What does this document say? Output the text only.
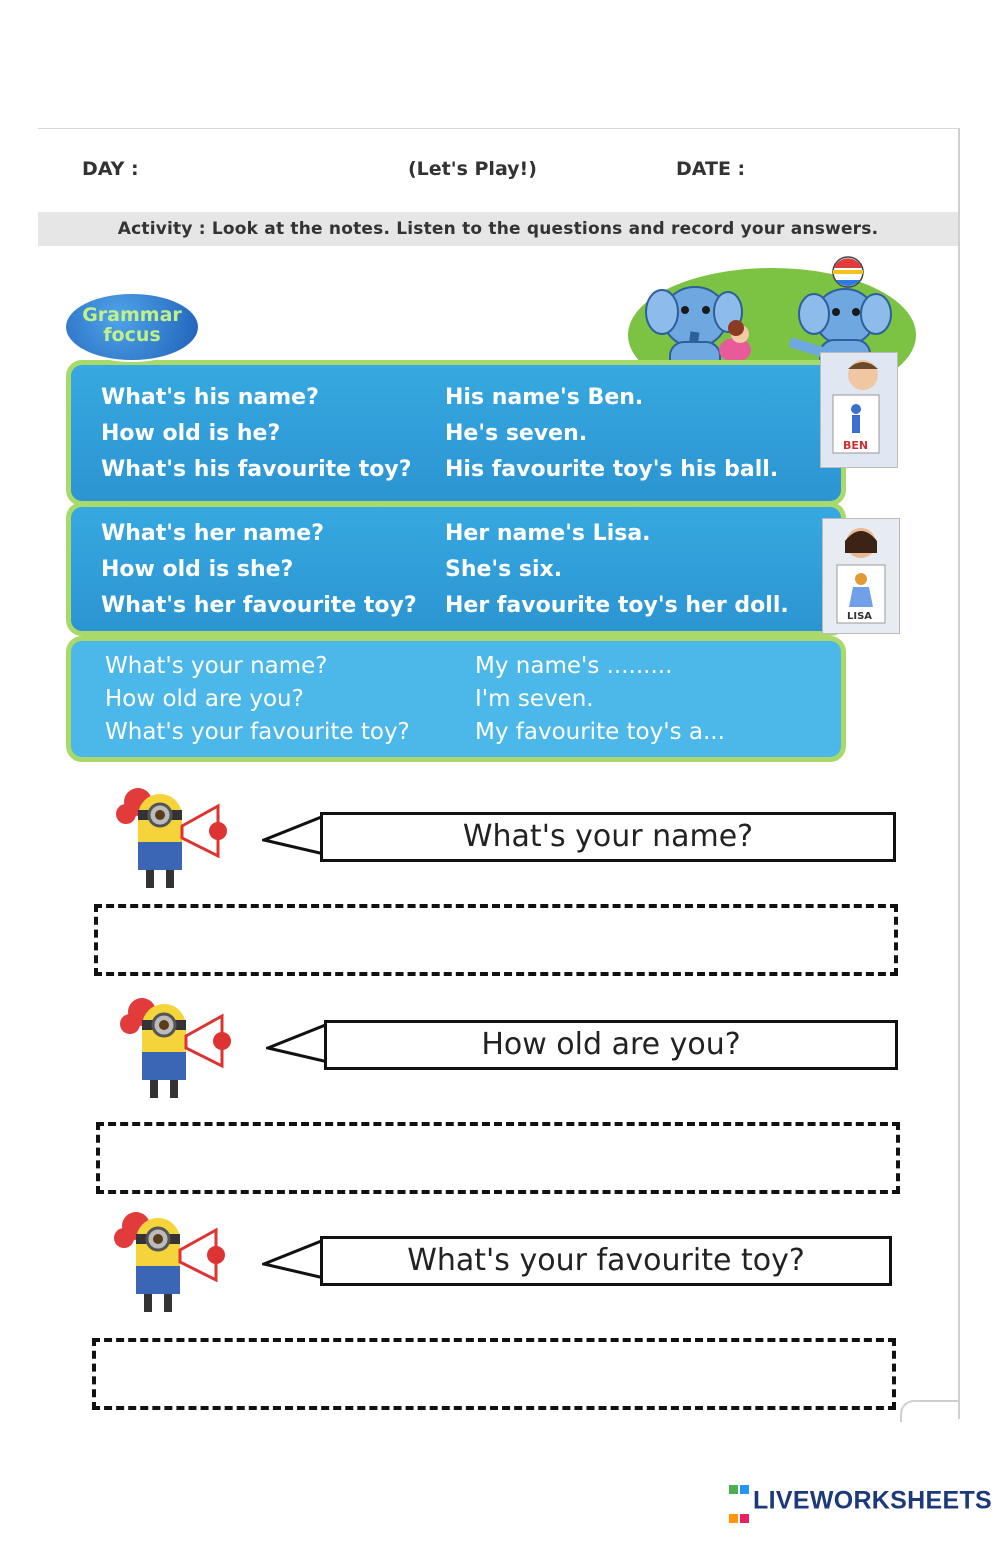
DAY :	(Let's Play!)	DATE :
Activity : Look at the notes. Listen to the questions and record your answers.
BEN
LISA
Grammar
focus
What's his name?	His name's Ben.
How old is he?	He's seven.
What's his favourite toy? His favourite toy's his ball.
What's her name?	Her name's Lisa.
How old is she?	She's six.
What's her favourite toy? Her favourite toy's her doll.
What's your name?	My name's .........
How old are you?	I'm seven.
What's your favourite toy?	My favourite toy's a...
What's your name?
How old are you?
What's your favourite toy?

LIVEWORKSHEETS
